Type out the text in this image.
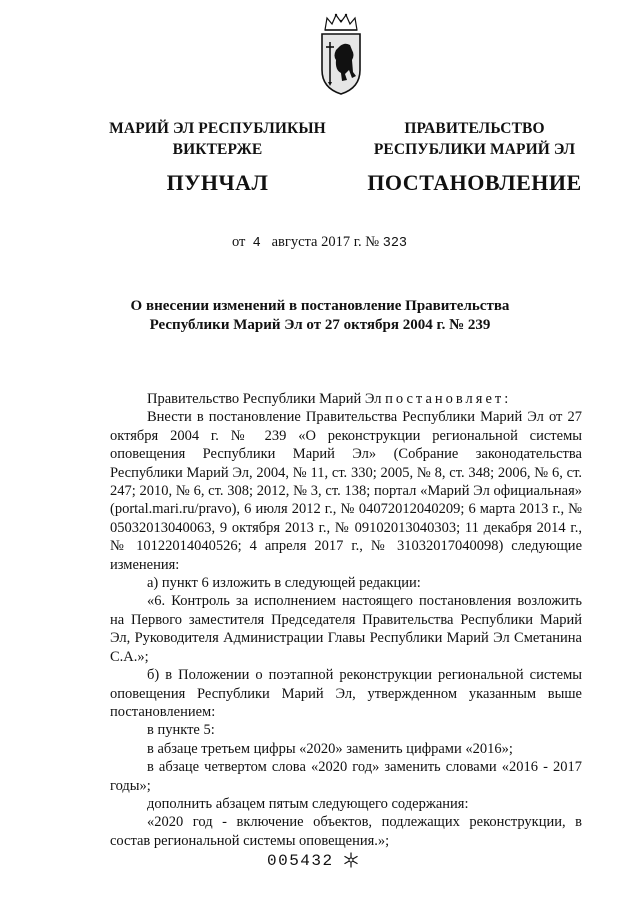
МАРИЙ ЭЛ РЕСПУБЛИКЫН
ВИКТЕРЖЕ
ПУНЧАЛ
ПРАВИТЕЛЬСТВО
РЕСПУБЛИКИ МАРИЙ ЭЛ
ПОСТАНОВЛЕНИЕ
от 4 августа 2017 г. № 323
О внесении изменений в постановление Правительства
Республики Марий Эл от 27 октября 2004 г. № 239

Правительство Республики Марий Эл постановляет:

Внести в постановление Правительства Республики Марий Эл от 27 октября 2004 г. № 239 «О реконструкции региональной системы оповещения Республики Марий Эл» (Собрание законодательства Республики Марий Эл, 2004, № 11, ст. 330; 2005, № 8, ст. 348; 2006, № 6, ст. 247; 2010, № 6, ст. 308; 2012, № 3, ст. 138; портал «Марий Эл официальная» (portal.mari.ru/pravo), 6 июля 2012 г., № 04072012040209; 6 марта 2013 г., № 05032013040063, 9 октября 2013 г., № 09102013040303; 11 декабря 2014 г., № 10122014040526; 4 апреля 2017 г., № 31032017040098) следующие изменения:

а) пункт 6 изложить в следующей редакции:

«6. Контроль за исполнением настоящего постановления возложить на Первого заместителя Председателя Правительства Республики Марий Эл, Руководителя Администрации Главы Республики Марий Эл Сметанина С.А.»;

б) в Положении о поэтапной реконструкции региональной системы оповещения Республики Марий Эл, утвержденном указанным выше постановлением:

в пункте 5:

в абзаце третьем цифры «2020» заменить цифрами «2016»;

в абзаце четвертом слова «2020 год» заменить словами «2016 - 2017 годы»;

дополнить абзацем пятым следующего содержания:

«2020 год - включение объектов, подлежащих реконструкции, в состав региональной системы оповещения.»;

005432
